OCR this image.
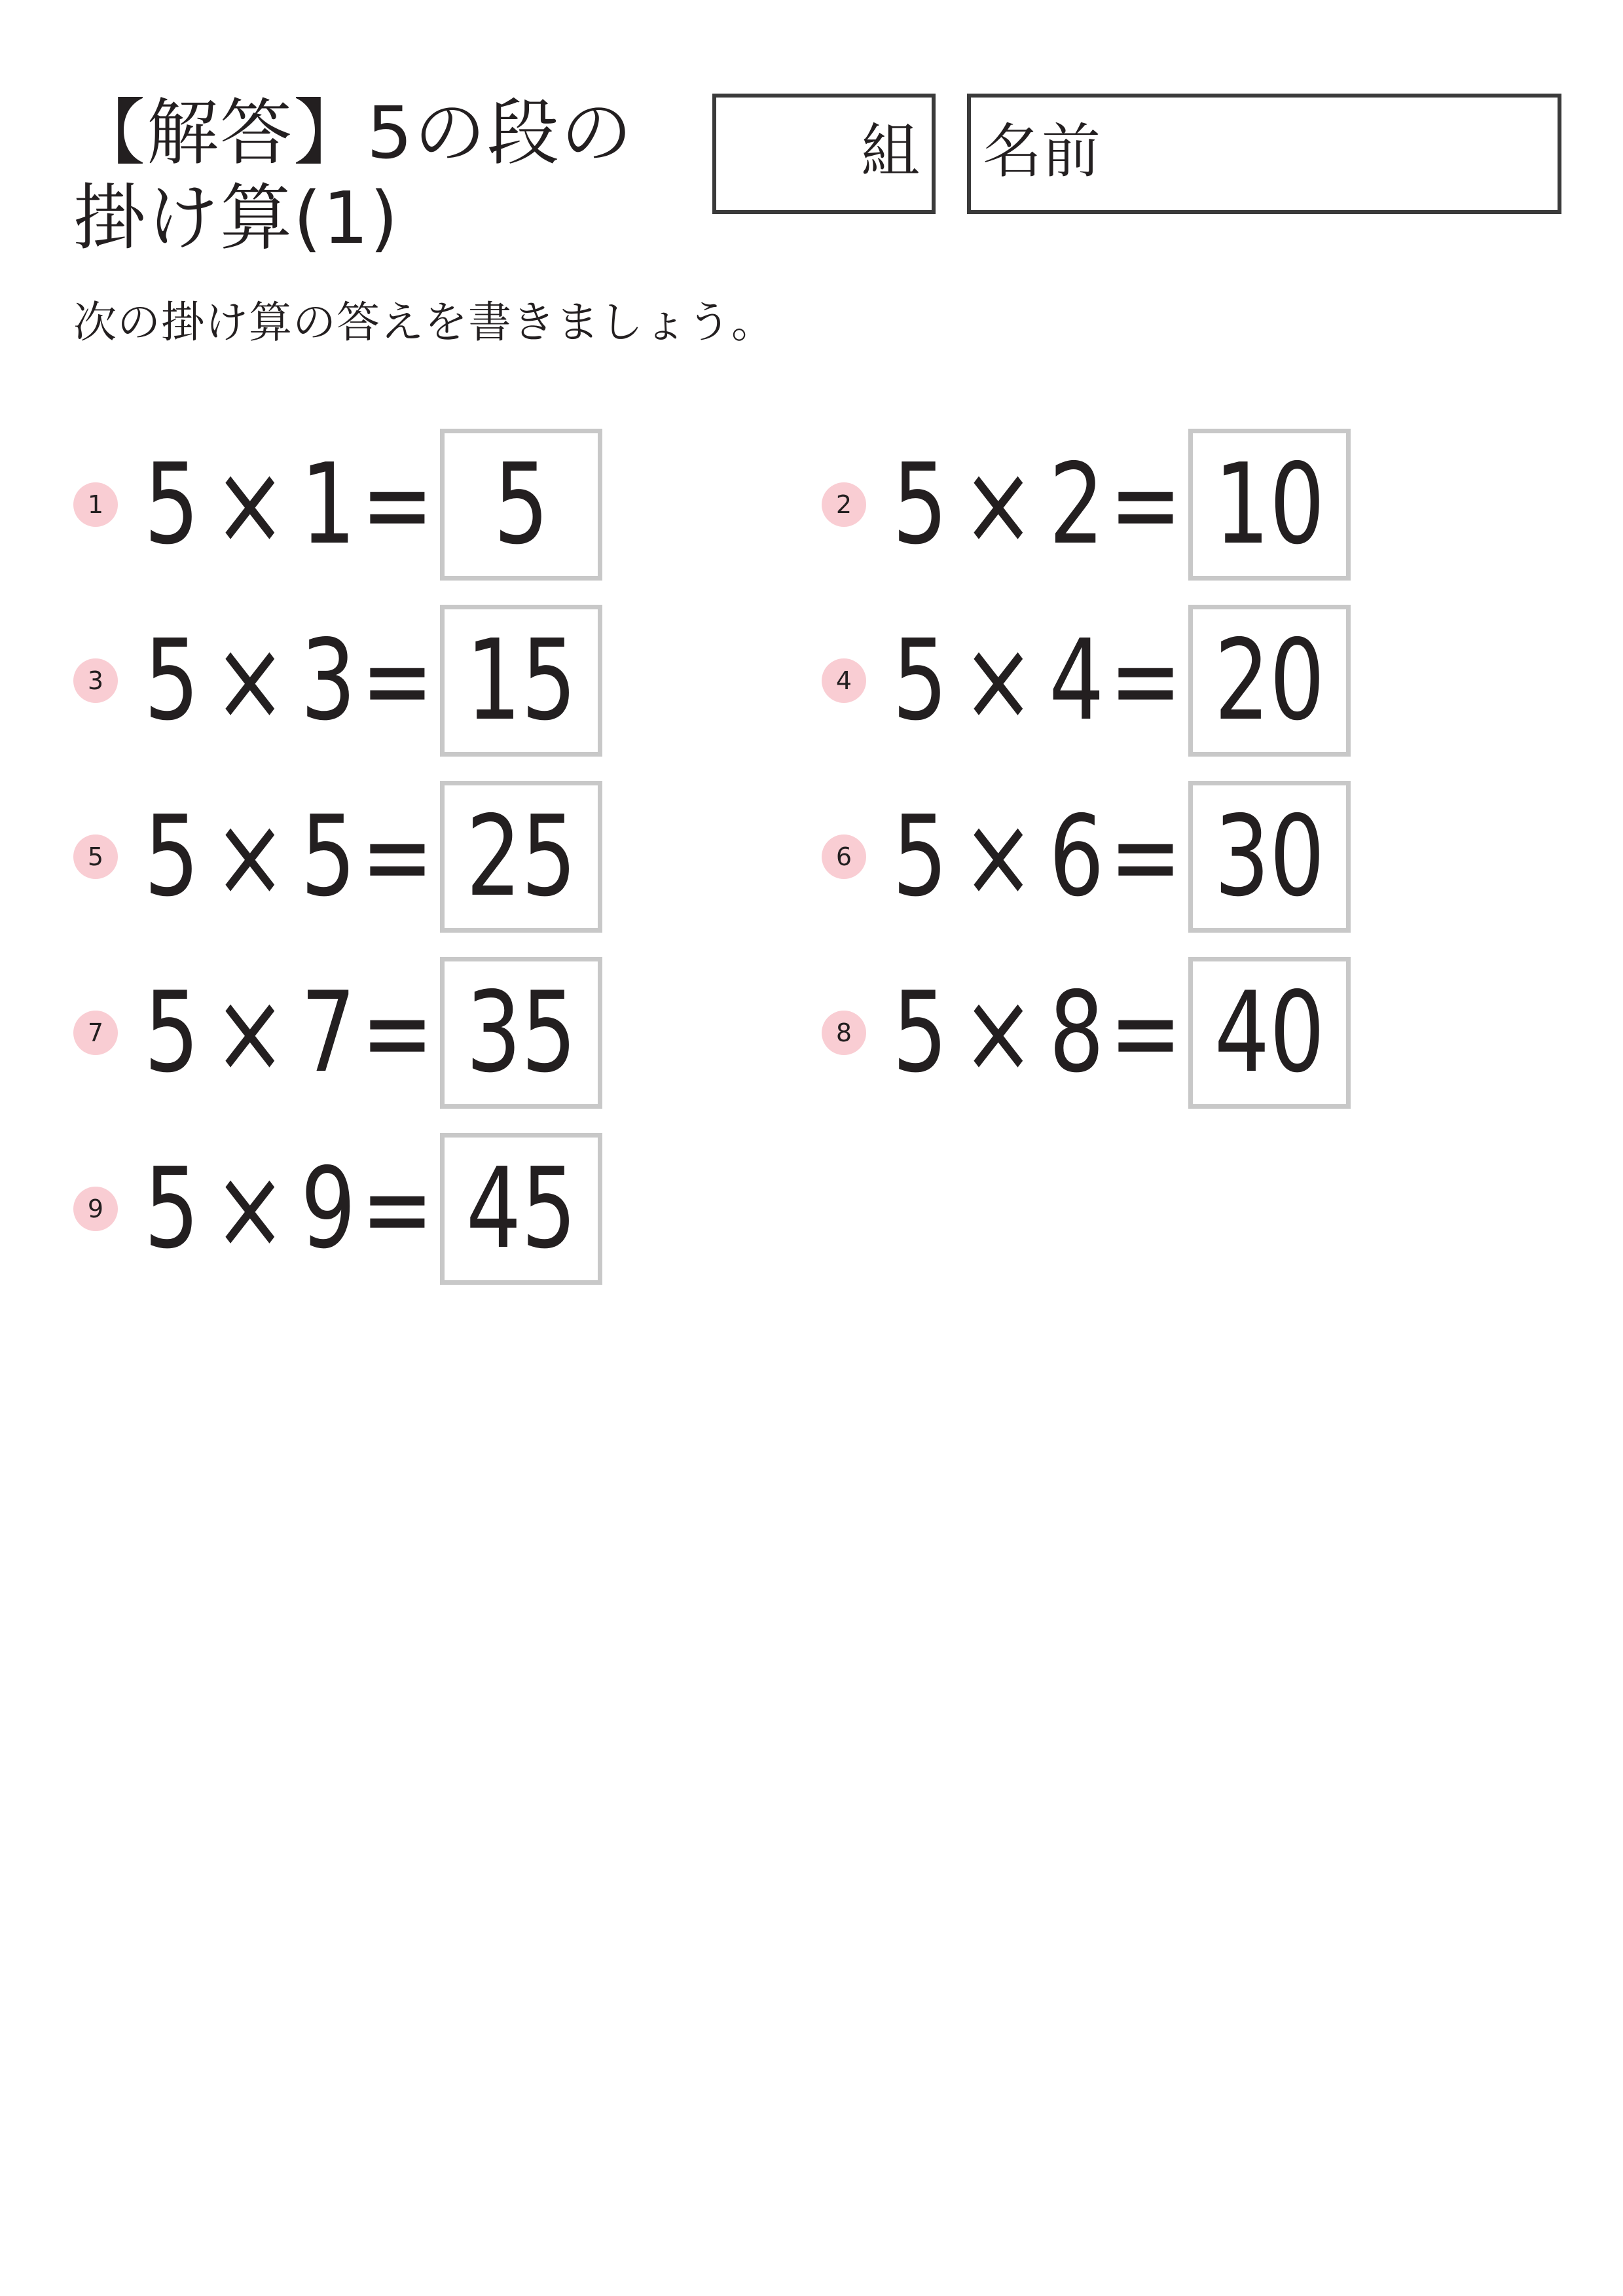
【解答】5の段の
掛け算(1)
組 名前
次の掛け算の答えを書きましょう。
1 5 × 1 = 5	2 5 × 2 = 10
3 5 × 3 = 15	4 5 × 4 = 20
5 5 × 5 = 25	6 5 × 6 = 30
7 5 × 7 = 35	8 5 × 8 = 40
9 5 × 9 = 45
